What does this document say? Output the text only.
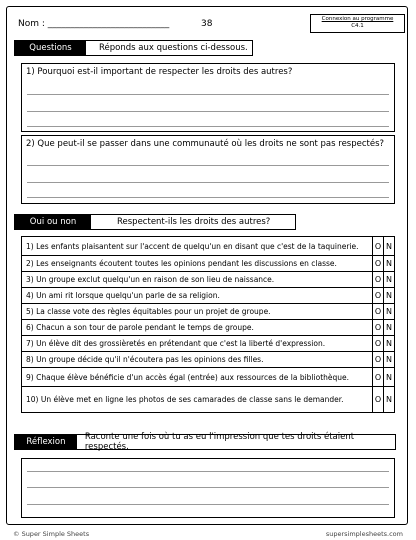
Nom : ___________________________	38	Connexion au programme
C4.1
Questions	Réponds aux questions ci-dessous.
1) Pourquoi est-il important de respecter les droits des autres?
2) Que peut-il se passer dans une communauté où les droits ne sont pas respectés?
Oui ou non	Respectent-ils les droits des autres?
1) Les enfants plaisantent sur l'accent de quelqu'un en disant que c'est de la taquinerie.	O	N
2) Les enseignants écoutent toutes les opinions pendant les discussions en classe.	O	N
3) Un groupe exclut quelqu'un en raison de son lieu de naissance.	O	N
4) Un ami rit lorsque quelqu'un parle de sa religion.	O	N
5) La classe vote des règles équitables pour un projet de groupe.	O	N
6) Chacun a son tour de parole pendant le temps de groupe.	O	N
7) Un élève dit des grossièretés en prétendant que c'est la liberté d'expression.	O	N
8) Un groupe décide qu'il n'écoutera pas les opinions des filles.	O	N
9) Chaque élève bénéficie d'un accès égal (entrée) aux ressources de la bibliothèque.	O	N
10) Un élève met en ligne les photos de ses camarades de classe sans le demander.	O	N
Réflexion	Raconte une fois où tu as eu l'impression que tes droits étaient respectés.
© Super Simple Sheets	supersimplesheets.com
